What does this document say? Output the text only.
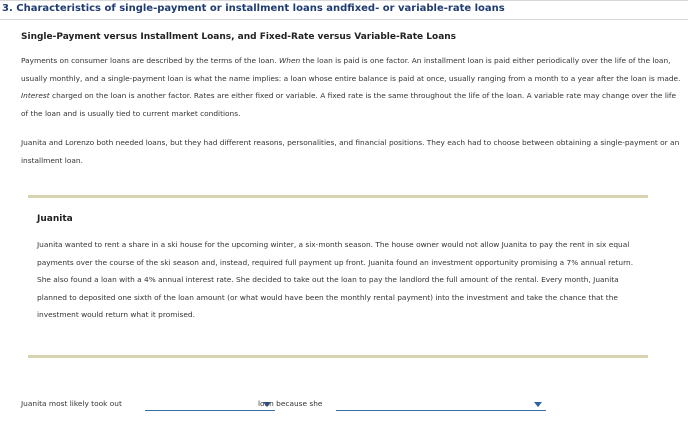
3. Characteristics of single-payment or installment loans andfixed- or variable-rate loans
Single-Payment versus Installment Loans, and Fixed-Rate versus Variable-Rate Loans

Payments on consumer loans are described by the terms of the loan. When the loan is paid is one factor. An installment loan is paid either periodically over the life of the loan, usually monthly, and a single-payment loan is what the name implies: a loan whose entire balance is paid at once, usually ranging from a month to a year after the loan is made. Interest charged on the loan is another factor. Rates are either fixed or variable. A fixed rate is the same throughout the life of the loan. A variable rate may change over the life of the loan and is usually tied to current market conditions.

Juanita and Lorenzo both needed loans, but they had different reasons, personalities, and financial positions. They each had to choose between obtaining a single-payment or an installment loan.

Juanita

Juanita wanted to rent a share in a ski house for the upcoming winter, a six-month season. The house owner would not allow Juanita to pay the rent in six equal payments over the course of the ski season and, instead, required full payment up front. Juanita found an investment opportunity promising a 7% annual return. She also found a loan with a 4% annual interest rate. She decided to take out the loan to pay the landlord the full amount of the rental. Every month, Juanita planned to deposited one sixth of the loan amount (or what would have been the monthly rental payment) into the investment and take the chance that the investment would return what it promised.

Juanita most likely took out	loan because she	.
